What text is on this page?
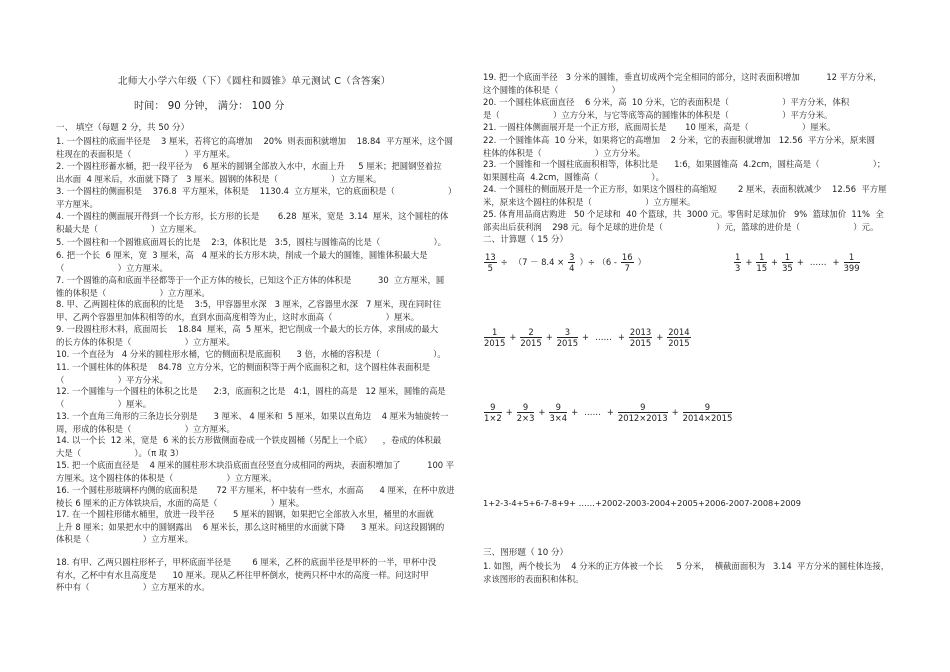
北师大小学六年级（下）《圆柱和圆锥》单元测试 C（含答案）
时间： 90 分钟， 满分： 100 分
一、 填空（每题 2 分，共 50 分）
1. 一个圆柱的底面半径是    3 厘米，若将它的高增加    20%  则表面积就增加    18.84  平方厘米，这个圆
柱现在的表面积是（                    ）平方厘米。
2. 一个圆柱形蓄水桶，把一段平径为    6 厘米的圆钢全部放入水中，水面上升     5 厘米；把圆钢竖着拉
出水面  4 厘米后，水面就下降了   3 厘米。圆钢的体积是（                    ）立方厘米。
3. 一个圆柱的侧面积是    376.8  平方厘米，体积是    1130.4  立方厘米，它的底面积是（                    ）
平方厘米。
4. 一个圆柱的侧面展开得到一个长方形，长方形的长是       6.28  厘米，宽是  3.14  厘米，这个圆柱的体
积最大是（                    ）立方厘米。
5. 一个圆柱和一个圆锥底面周长的比是    2:3，体积比是   3:5，圆柱与圆锥高的比是（                    ）。
6. 把一个长  6 厘米，宽  3 厘米，高   4 厘米的长方形木块，削成一个最大的圆锥，圆锥体积最大是
（                    ）立方厘米。
7. 一个圆锥的高和底面半径都等于一个正方体的棱长，已知这个正方体的体积是          30  立方厘米，圆
锥的体积是（                    ）立方厘米。
8. 甲、乙两圆柱体的底面积的比是    3:5，甲容器里水深   3 厘米，乙容器里水深   7 厘米，现在同时往
甲、乙两个容器里加体积相等的水，直到水面高度相等为止，这时水面高（                    ）厘米。
9. 一段圆柱形木料，底面周长    18.84  厘米，高  5 厘米，把它削成一个最大的长方体，求削成的最大
的长方体的体积是（                    ）立方厘米。
10. 一个直径为   4 分米的圆柱形水桶，它的侧面积是底面积      3 倍，水桶的容积是（                    ）。
11. 一个圆柱体的体积是    84.78  立方分米，它的侧面积等于两个底面积之和，这个圆柱体表面积是
（                    ）平方分米。
12. 一个圆锥与一个圆柱的体积之比是      2:3，底面积之比是   4:1，圆柱的高是   12 厘米，圆锥的高是
（                    ）厘米。
13. 一个直角三角形的三条边长分别是      3 厘米、 4 厘米和  5 厘米，如果以直角边    4 厘米为轴旋转一
周，形成的体积是（                    ）立方厘米。
14. 以一个长  12 米，宽是  6 米的长方形做侧面卷成一个铁皮圆桶（另配上一个底）    ，卷成的体积最
大是（                    ）。（π 取 3）
15. 把一个底面直径是    4 厘米的圆柱形木块沿底面直径竖直分成相同的两块，表面积增加了          100 平
方厘米。这个圆柱体的体积是（                    ）立方厘米。
16. 一个圆柱形玻璃杯内侧的底面积是       72 平方厘米，杯中装有一些水，水面高      4 厘米，在杯中放进
棱长 6 厘米的正方体铁块后，水面的高是（                    ）厘米。
17. 在一个圆柱形储水桶里，放进一段半径       5 厘米的圆钢，如果把它全部放入水里，桶里的水面就
上升 8 厘米；如果把水中的圆钢露出    6 厘米长，那么这时桶里的水面就下降      3 厘米。问这段圆钢的
体积是（                    ）立方厘米。
18. 有甲、乙两只圆柱形杯子，甲杯底面半径是        6 厘米，乙杯的底面半径是甲杯的一半，甲杯中没
有水，乙杯中有水且高度是      10 厘米。现从乙杯往甲杯倒水，使两只杯中水的高度一样。问这时甲
杯中有（                    ）立方厘米的水。
19. 把一个底面半径   3 分米的圆锥，垂直切成两个完全相同的部分，这时表面积增加          12 平方分米，
这个圆锥的体积是（                    ）
20. 一个圆柱体底面直径    6 分米，高  10 分米，它的表面积是（                    ）平方分米，体积
是（                    ）立方分米，与它等底等高的圆锥体的体积是（                    ）平方分米。
21. 一圆柱体侧面展开是一个正方形，底面周长是       10 厘米，高是（                    ）厘米。
22. 一个圆锥体高  10 分米，如果将它的高增加    2 分米，它的表面积就增加   12.56  平方分米，原来圆
柱体的体积是（                    ）立方分米。
23. 一个圆锥和一个圆柱底面积相等，体积比是      1:6，如果圆锥高  4.2cm，圆柱高是（                    ）；
如果圆柱高  4.2cm，圆锥高（                    ）。
24. 一个圆柱的侧面展开是一个正方形，如果这个圆柱的高缩短        2 厘米，表面积就减少    12.56  平方厘
米，原来这个圆柱的体积是（                    ）立方厘米。
25. 体育用品商店购进   50 个足球和  40 个篮球，共  3000 元。零售时足球加价   9%  篮球加价  11%  全
部卖出后获利润    298 元。每个足球的进价是（                    ）元，篮球的进价是（                    ）元。
二、计算题（ 15 分）
$\frac{13}{5} \div (7 - 8.4 \times \frac{3}{4}$ ）÷ （$6 - \frac{16}{7}$ ）	$\frac{1}{3} + \frac{1}{15} + \frac{1}{35}$ + …… + $\frac{1}{399}$
$\frac{1}{2015} + \frac{2}{2015} + \frac{3}{2015}$ + …… + $\frac{2013}{2015} + \frac{2014}{2015}$
$\frac{9}{1\times 2} + \frac{9}{2\times 3} + \frac{9}{3\times 4}$ + …… + $\frac{9}{2012\times 2013} + \frac{9}{2014\times 2015}$
1+2-3-4+5+6-7-8+9+ ……+2002-2003-2004+2005+2006-2007-2008+2009
三、图形题（ 10 分）
1. 如图，两个棱长为    4 分米的正方体被一个长     5 分米，  横截面面积为   3.14  平方分米的圆柱体连接，
求该图形的表面积和体积。
